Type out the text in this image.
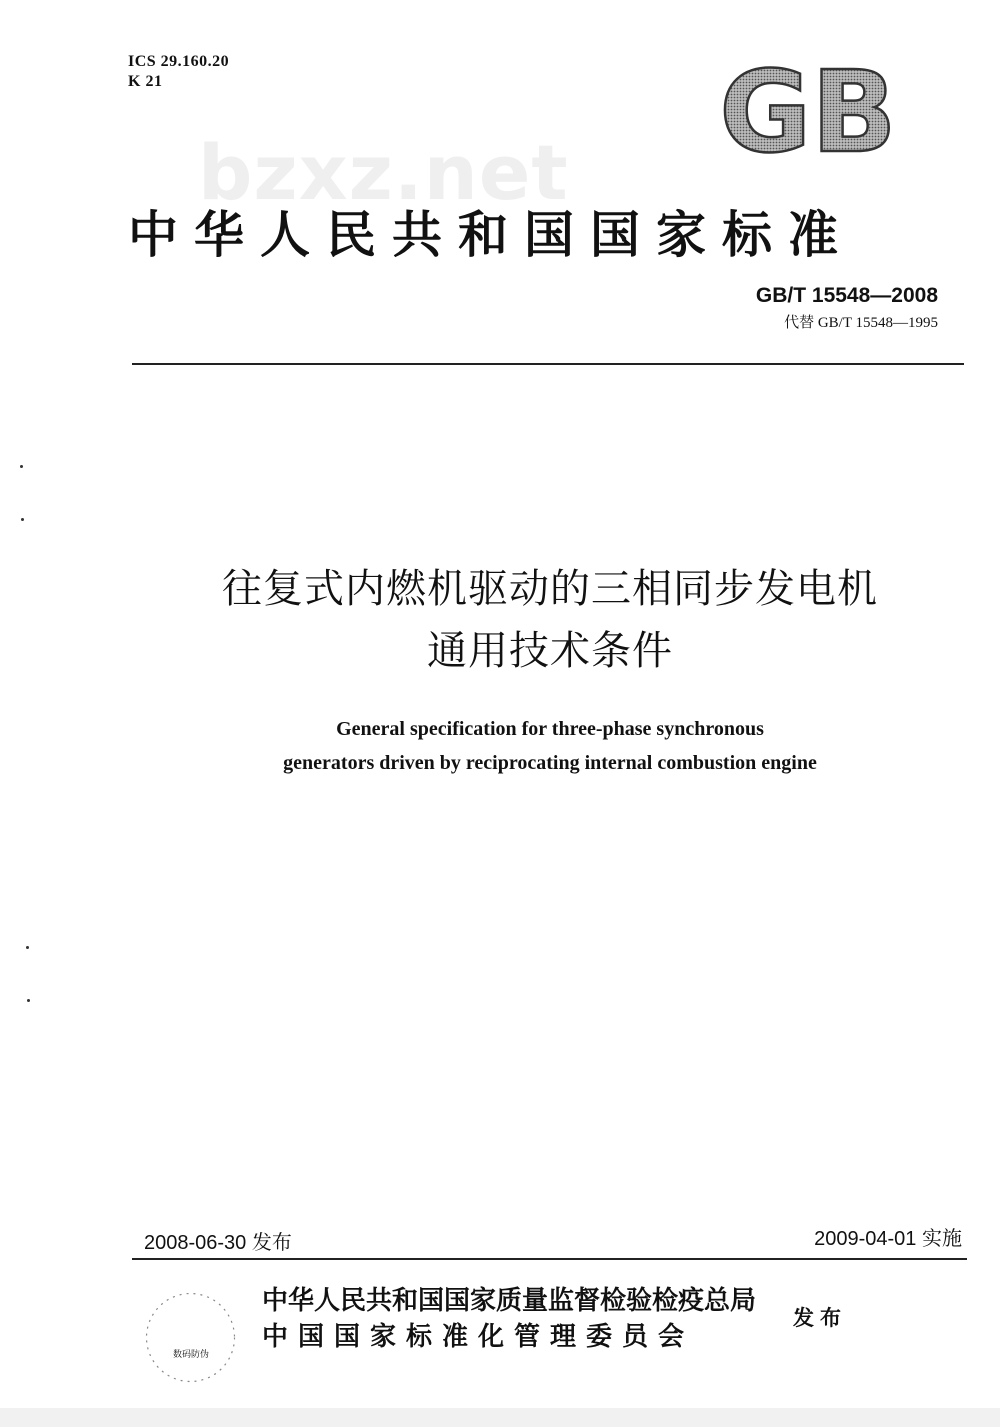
ICS 29.160.20
K 21	GB
bzxz.net
中华人民共和国国家标准
GB/T 15548—2008
代替 GB/T 15548—1995
往复式内燃机驱动的三相同步发电机
通用技术条件
General specification for three-phase synchronous
generators driven by reciprocating internal combustion engine
2008-06-30 发布	2009-04-01 实施
数码防伪
中华人民共和国国家质量监督检验检疫总局
中国国家标准化管理委员会
发布
